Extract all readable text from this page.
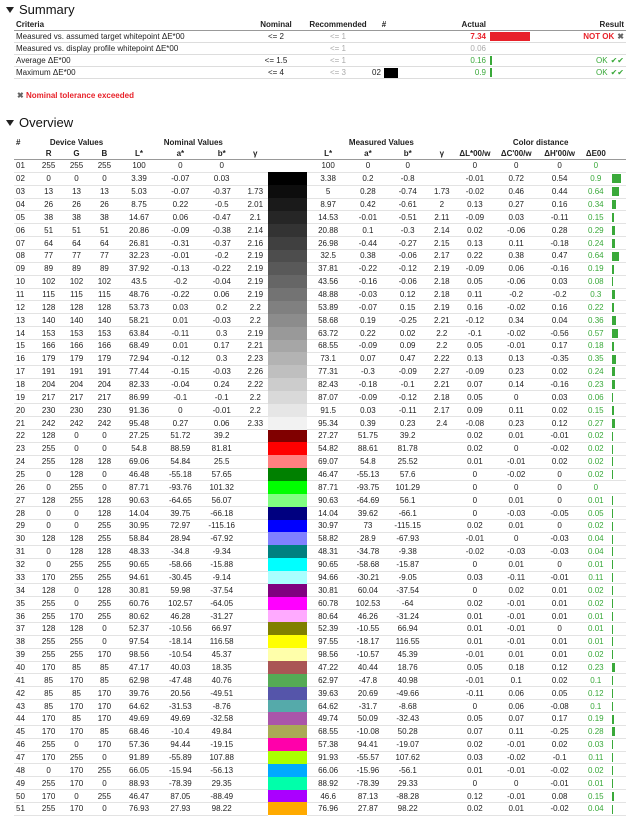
Summary
Criteria	Nominal	Recommended	#	Actual		Result
Measured vs. assumed target whitepoint ΔE*00	<= 2	<= 1		7.34		NOT OK ✖
Measured vs. display profile whitepoint ΔE*00		<= 1		0.06		
Average ΔE*00	<= 1.5	<= 1		0.16		OK ✔✔
Maximum ΔE*00	<= 4	<= 3	02	0.9		OK ✔✔
✖ Nominal tolerance exceeded
Overview
#	Device Values			Nominal Values					Measured Values				Color distance				
	R	G	B	L*	a*	b*	γ		L*	a*	b*	γ	ΔL*00/w	ΔC'00/w	ΔH'00/w	ΔE00	
01	255	255	255	100	0	0			100	0	0		0	0	0	0	
02	0	0	0	3.39	-0.07	0.03			3.38	0.2	-0.8		-0.01	0.72	0.54	0.9	
03	13	13	13	5.03	-0.07	-0.37	1.73		5	0.28	-0.74	1.73	-0.02	0.46	0.44	0.64	
04	26	26	26	8.75	0.22	-0.5	2.01		8.97	0.42	-0.61	2	0.13	0.27	0.16	0.34	
05	38	38	38	14.67	0.06	-0.47	2.1		14.53	-0.01	-0.51	2.11	-0.09	0.03	-0.11	0.15	
06	51	51	51	20.86	-0.09	-0.38	2.14		20.88	0.1	-0.3	2.14	0.02	-0.06	0.28	0.29	
07	64	64	64	26.81	-0.31	-0.37	2.16		26.98	-0.44	-0.27	2.15	0.13	0.11	-0.18	0.24	
08	77	77	77	32.23	-0.01	-0.2	2.19		32.5	0.38	-0.06	2.17	0.22	0.38	0.47	0.64	
09	89	89	89	37.92	-0.13	-0.22	2.19		37.81	-0.22	-0.12	2.19	-0.09	0.06	-0.16	0.19	
10	102	102	102	43.5	-0.2	-0.04	2.19		43.56	-0.16	-0.06	2.18	0.05	-0.06	0.03	0.08	
11	115	115	115	48.76	-0.22	0.06	2.19		48.88	-0.03	0.12	2.18	0.11	-0.2	-0.2	0.3	
12	128	128	128	53.73	0.03	0.2	2.2		53.89	-0.07	0.15	2.19	0.16	-0.02	0.16	0.22	
13	140	140	140	58.21	0.01	-0.03	2.2		58.68	0.19	-0.25	2.21	-0.12	0.34	0.04	0.36	
14	153	153	153	63.84	-0.11	0.3	2.19		63.72	0.22	0.02	2.2	-0.1	-0.02	-0.56	0.57	
15	166	166	166	68.49	0.01	0.17	2.21		68.55	-0.09	0.09	2.2	0.05	-0.01	0.17	0.18	
16	179	179	179	72.94	-0.12	0.3	2.23		73.1	0.07	0.47	2.22	0.13	0.13	-0.35	0.35	
17	191	191	191	77.44	-0.15	-0.03	2.26		77.31	-0.3	-0.09	2.27	-0.09	0.23	0.02	0.24	
18	204	204	204	82.33	-0.04	0.24	2.22		82.43	-0.18	-0.1	2.21	0.07	0.14	-0.16	0.23	
19	217	217	217	86.99	-0.1	-0.1	2.2		87.07	-0.09	-0.12	2.18	0.05	0	0.03	0.06	
20	230	230	230	91.36	0	-0.01	2.2		91.5	0.03	-0.11	2.17	0.09	0.11	0.02	0.15	
21	242	242	242	95.48	0.27	0.06	2.33		95.34	0.39	0.23	2.4	-0.08	0.23	0.12	0.27	
22	128	0	0	27.25	51.72	39.2			27.27	51.75	39.2		0.02	0.01	-0.01	0.02	
23	255	0	0	54.8	88.59	81.81			54.82	88.61	81.78		0.02	0	-0.02	0.02	
24	255	128	128	69.06	54.84	25.5			69.07	54.8	25.52		0.01	-0.01	0.02	0.02	
25	0	128	0	46.48	-55.18	57.65			46.47	-55.13	57.6		0	-0.02	0	0.02	
26	0	255	0	87.71	-93.76	101.32			87.71	-93.75	101.29		0	0	0	0	
27	128	255	128	90.63	-64.65	56.07			90.63	-64.69	56.1		0	0.01	0	0.01	
28	0	0	128	14.04	39.75	-66.18			14.04	39.62	-66.1		0	-0.03	-0.05	0.05	
29	0	0	255	30.95	72.97	-115.16			30.97	73	-115.15		0.02	0.01	0	0.02	
30	128	128	255	58.84	28.94	-67.92			58.82	28.9	-67.93		-0.01	0	-0.03	0.04	
31	0	128	128	48.33	-34.8	-9.34			48.31	-34.78	-9.38		-0.02	-0.03	-0.03	0.04	
32	0	255	255	90.65	-58.66	-15.88			90.65	-58.68	-15.87		0	0.01	0	0.01	
33	170	255	255	94.61	-30.45	-9.14			94.66	-30.21	-9.05		0.03	-0.11	-0.01	0.11	
34	128	0	128	30.81	59.98	-37.54			30.81	60.04	-37.54		0	0.02	0.01	0.02	
35	255	0	255	60.76	102.57	-64.05			60.78	102.53	-64		0.02	-0.01	0.01	0.02	
36	255	170	255	80.62	46.28	-31.27			80.64	46.26	-31.24		0.01	-0.01	0.01	0.01	
37	128	128	0	52.37	-10.56	66.97			52.39	-10.55	66.94		0.01	-0.01	0	0.01	
38	255	255	0	97.54	-18.14	116.58			97.55	-18.17	116.55		0.01	-0.01	0.01	0.01	
39	255	255	170	98.56	-10.54	45.37			98.56	-10.57	45.39		-0.01	0.01	0.01	0.02	
40	170	85	85	47.17	40.03	18.35			47.22	40.44	18.76		0.05	0.18	0.12	0.23	
41	85	170	85	62.98	-47.48	40.76			62.97	-47.8	40.98		-0.01	0.1	0.02	0.1	
42	85	85	170	39.76	20.56	-49.51			39.63	20.69	-49.66		-0.11	0.06	0.05	0.12	
43	85	170	170	64.62	-31.53	-8.76			64.62	-31.7	-8.68		0	0.06	-0.08	0.1	
44	170	85	170	49.69	49.69	-32.58			49.74	50.09	-32.43		0.05	0.07	0.17	0.19	
45	170	170	85	68.46	-10.4	49.84			68.55	-10.08	50.28		0.07	0.11	-0.25	0.28	
46	255	0	170	57.36	94.44	-19.15			57.38	94.41	-19.07		0.02	-0.01	0.02	0.03	
47	170	255	0	91.89	-55.89	107.88			91.93	-55.57	107.62		0.03	-0.02	-0.1	0.11	
48	0	170	255	66.05	-15.94	-56.13			66.06	-15.96	-56.1		0.01	-0.01	-0.02	0.02	
49	255	170	0	88.93	-78.39	29.35			88.92	-78.39	29.33		0	0	-0.01	0.01	
50	170	0	255	46.47	87.05	-88.49			46.6	87.13	-88.28		0.12	-0.01	0.08	0.15	
51	255	170	0	76.93	27.93	98.22			76.96	27.87	98.22		0.02	0.01	-0.02	0.04	
